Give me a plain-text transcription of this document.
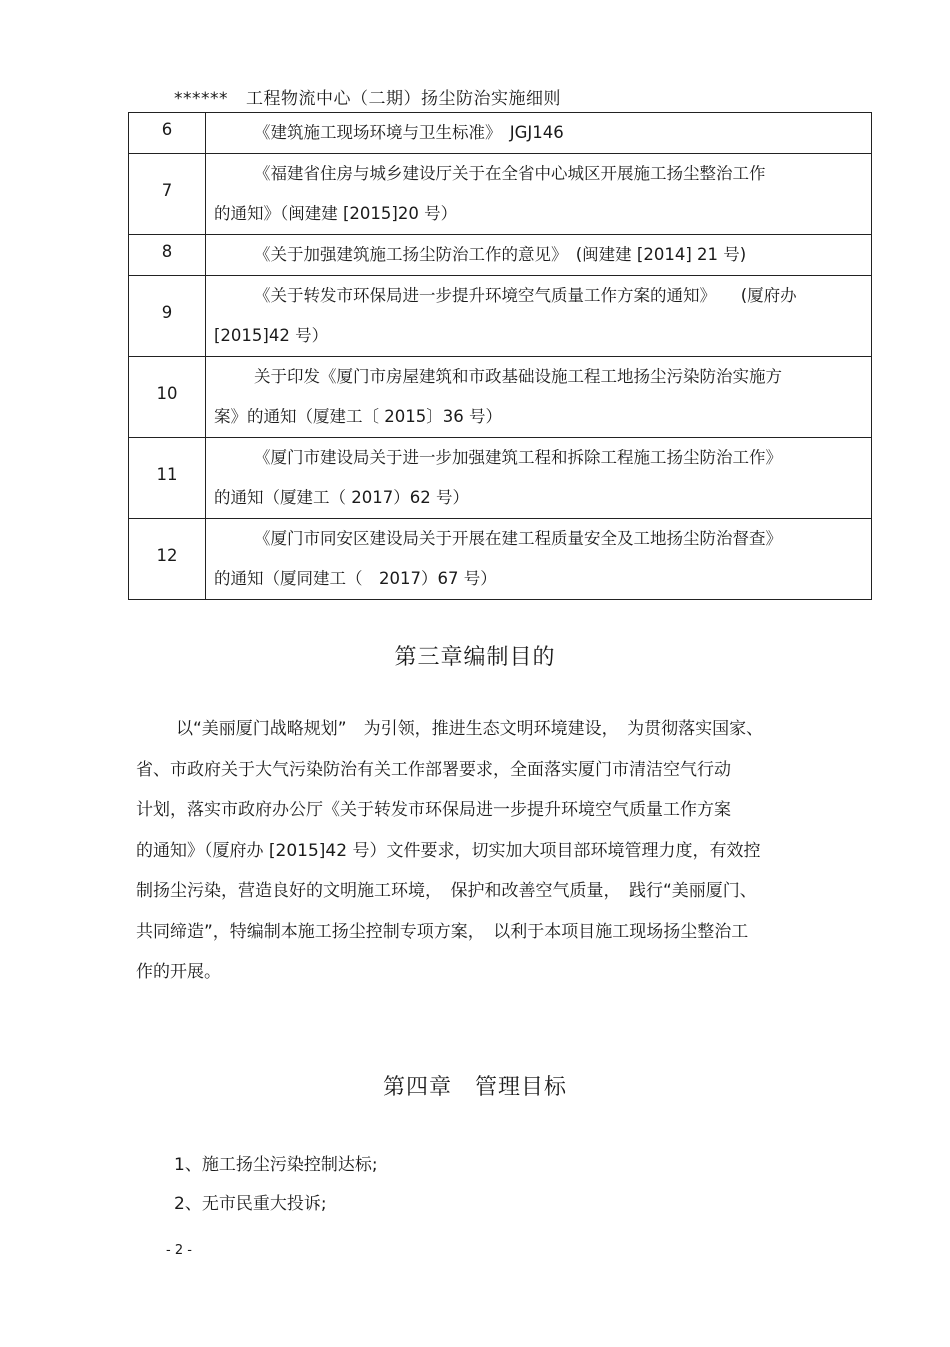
****** 工程物流中心（二期）扬尘防治实施细则
6	《建筑施工现场环境与卫生标准》　JGJ146

7	《福建省住房与城乡建设厅关于在全省中心城区开展施工扬尘整治工作
的通知》（闽建建 [2015]20 号）

8	《关于加强建筑施工扬尘防治工作的意见》　(闽建建 [2014] 21 号)

9	《关于转发市环保局进一步提升环境空气质量工作方案的通知》　　(厦府办
[2015]42 号）

10	关于印发《厦门市房屋建筑和市政基础设施工程工地扬尘污染防治实施方
案》的通知（厦建工〔 2015〕36 号）

11	《厦门市建设局关于进一步加强建筑工程和拆除工程施工扬尘防治工作》
的通知（厦建工（ 2017）62 号）

12	《厦门市同安区建设局关于开展在建工程质量安全及工地扬尘防治督查》
的通知（厦同建工（　2017）67 号）
第三章编制目的
以“美丽厦门战略规划”　为引领，推进生态文明环境建设，　为贯彻落实国家、
省、市政府关于大气污染防治有关工作部署要求，全面落实厦门市清洁空气行动
计划，落实市政府办公厅《关于转发市环保局进一步提升环境空气质量工作方案
的通知》（厦府办 [2015]42 号）文件要求，切实加大项目部环境管理力度，有效控
制扬尘污染，营造良好的文明施工环境，　保护和改善空气质量，　践行“美丽厦门、
共同缔造”，特编制本施工扬尘控制专项方案，　以利于本项目施工现场扬尘整治工
作的开展。
第四章　管理目标
1、施工扬尘污染控制达标;
2、无市民重大投诉;
- 2 -
